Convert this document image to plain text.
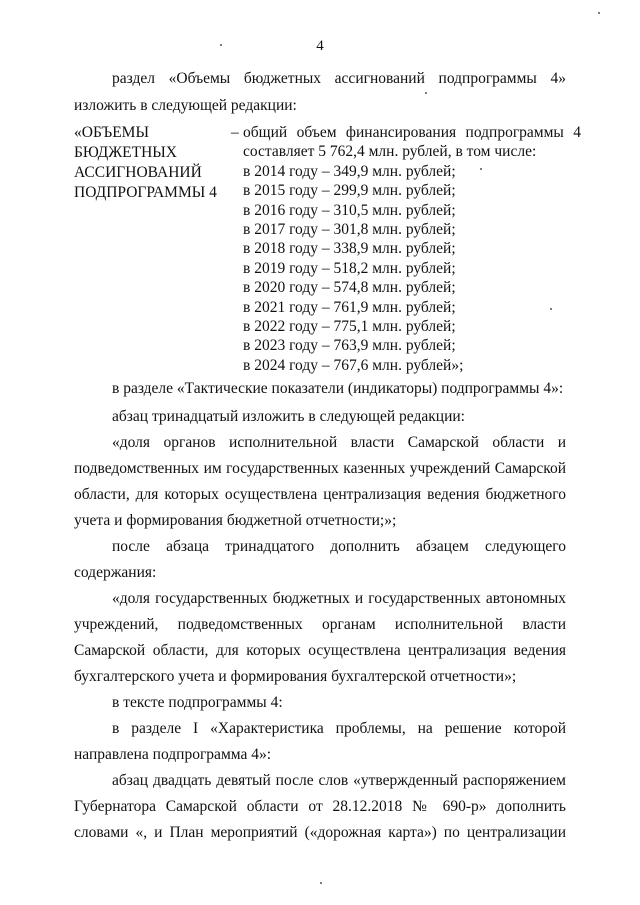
4
раздел «Объемы бюджетных ассигнований подпрограммы 4»
изложить в следующей редакции:
«ОБЪЕМЫ
БЮДЖЕТНЫХ
АССИГНОВАНИЙ
ПОДПРОГРАММЫ 4
– общий объем финансирования подпрограммы 4
составляет 5 762,4 млн. рублей, в том числе:
в 2014 году – 349,9 млн. рублей;
в 2015 году – 299,9 млн. рублей;
в 2016 году – 310,5 млн. рублей;
в 2017 году – 301,8 млн. рублей;
в 2018 году – 338,9 млн. рублей;
в 2019 году – 518,2 млн. рублей;
в 2020 году – 574,8 млн. рублей;
в 2021 году – 761,9 млн. рублей;
в 2022 году – 775,1 млн. рублей;
в 2023 году – 763,9 млн. рублей;
в 2024 году – 767,6 млн. рублей»;
в разделе «Тактические показатели (индикаторы) подпрограммы 4»:
абзац тринадцатый изложить в следующей редакции:
«доля органов исполнительной власти Самарской области и
подведомственных им государственных казенных учреждений Самарской
области, для которых осуществлена централизация ведения бюджетного
учета и формирования бюджетной отчетности;»;
после абзаца тринадцатого дополнить абзацем следующего
содержания:
«доля государственных бюджетных и государственных автономных
учреждений, подведомственных органам исполнительной власти
Самарской области, для которых осуществлена централизация ведения
бухгалтерского учета и формирования бухгалтерской отчетности»;
в тексте подпрограммы 4:
в разделе I «Характеристика проблемы, на решение которой
направлена подпрограмма 4»:
абзац двадцать девятый после слов «утвержденный распоряжением
Губернатора Самарской области от 28.12.2018 № 690-р» дополнить
словами «, и План мероприятий («дорожная карта») по централизации
